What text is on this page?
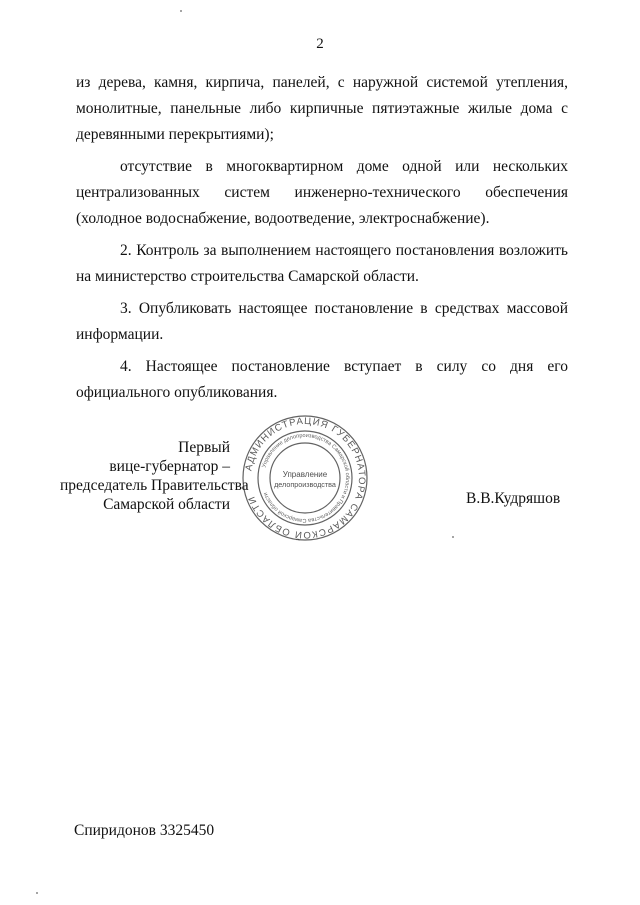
2

из дерева, камня, кирпича, панелей, с наружной системой утепления, монолитные, панельные либо кирпичные пятиэтажные жилые дома с деревянными перекрытиями);

отсутствие в многоквартирном доме одной или нескольких централизованных систем инженерно-технического обеспечения (холодное водоснабжение, водоотведение, электроснабжение).

2. Контроль за выполнением настоящего постановления возложить на министерство строительства Самарской области.

3. Опубликовать настоящее постановление в средствах массовой информации.

4. Настоящее постановление вступает в силу со дня его официального опубликования.

Первый
вице-губернатор –
председатель Правительства
Самарской области
АДМИНИСТРАЦИЯ ГУБЕРНАТОРА САМАРСКОЙ ОБЛАСТИ
Управление делопроизводства Самарской области и Правительства Самарской области
Управление
делопроизводства
В.В.Кудряшов
Спиридонов 3325450
